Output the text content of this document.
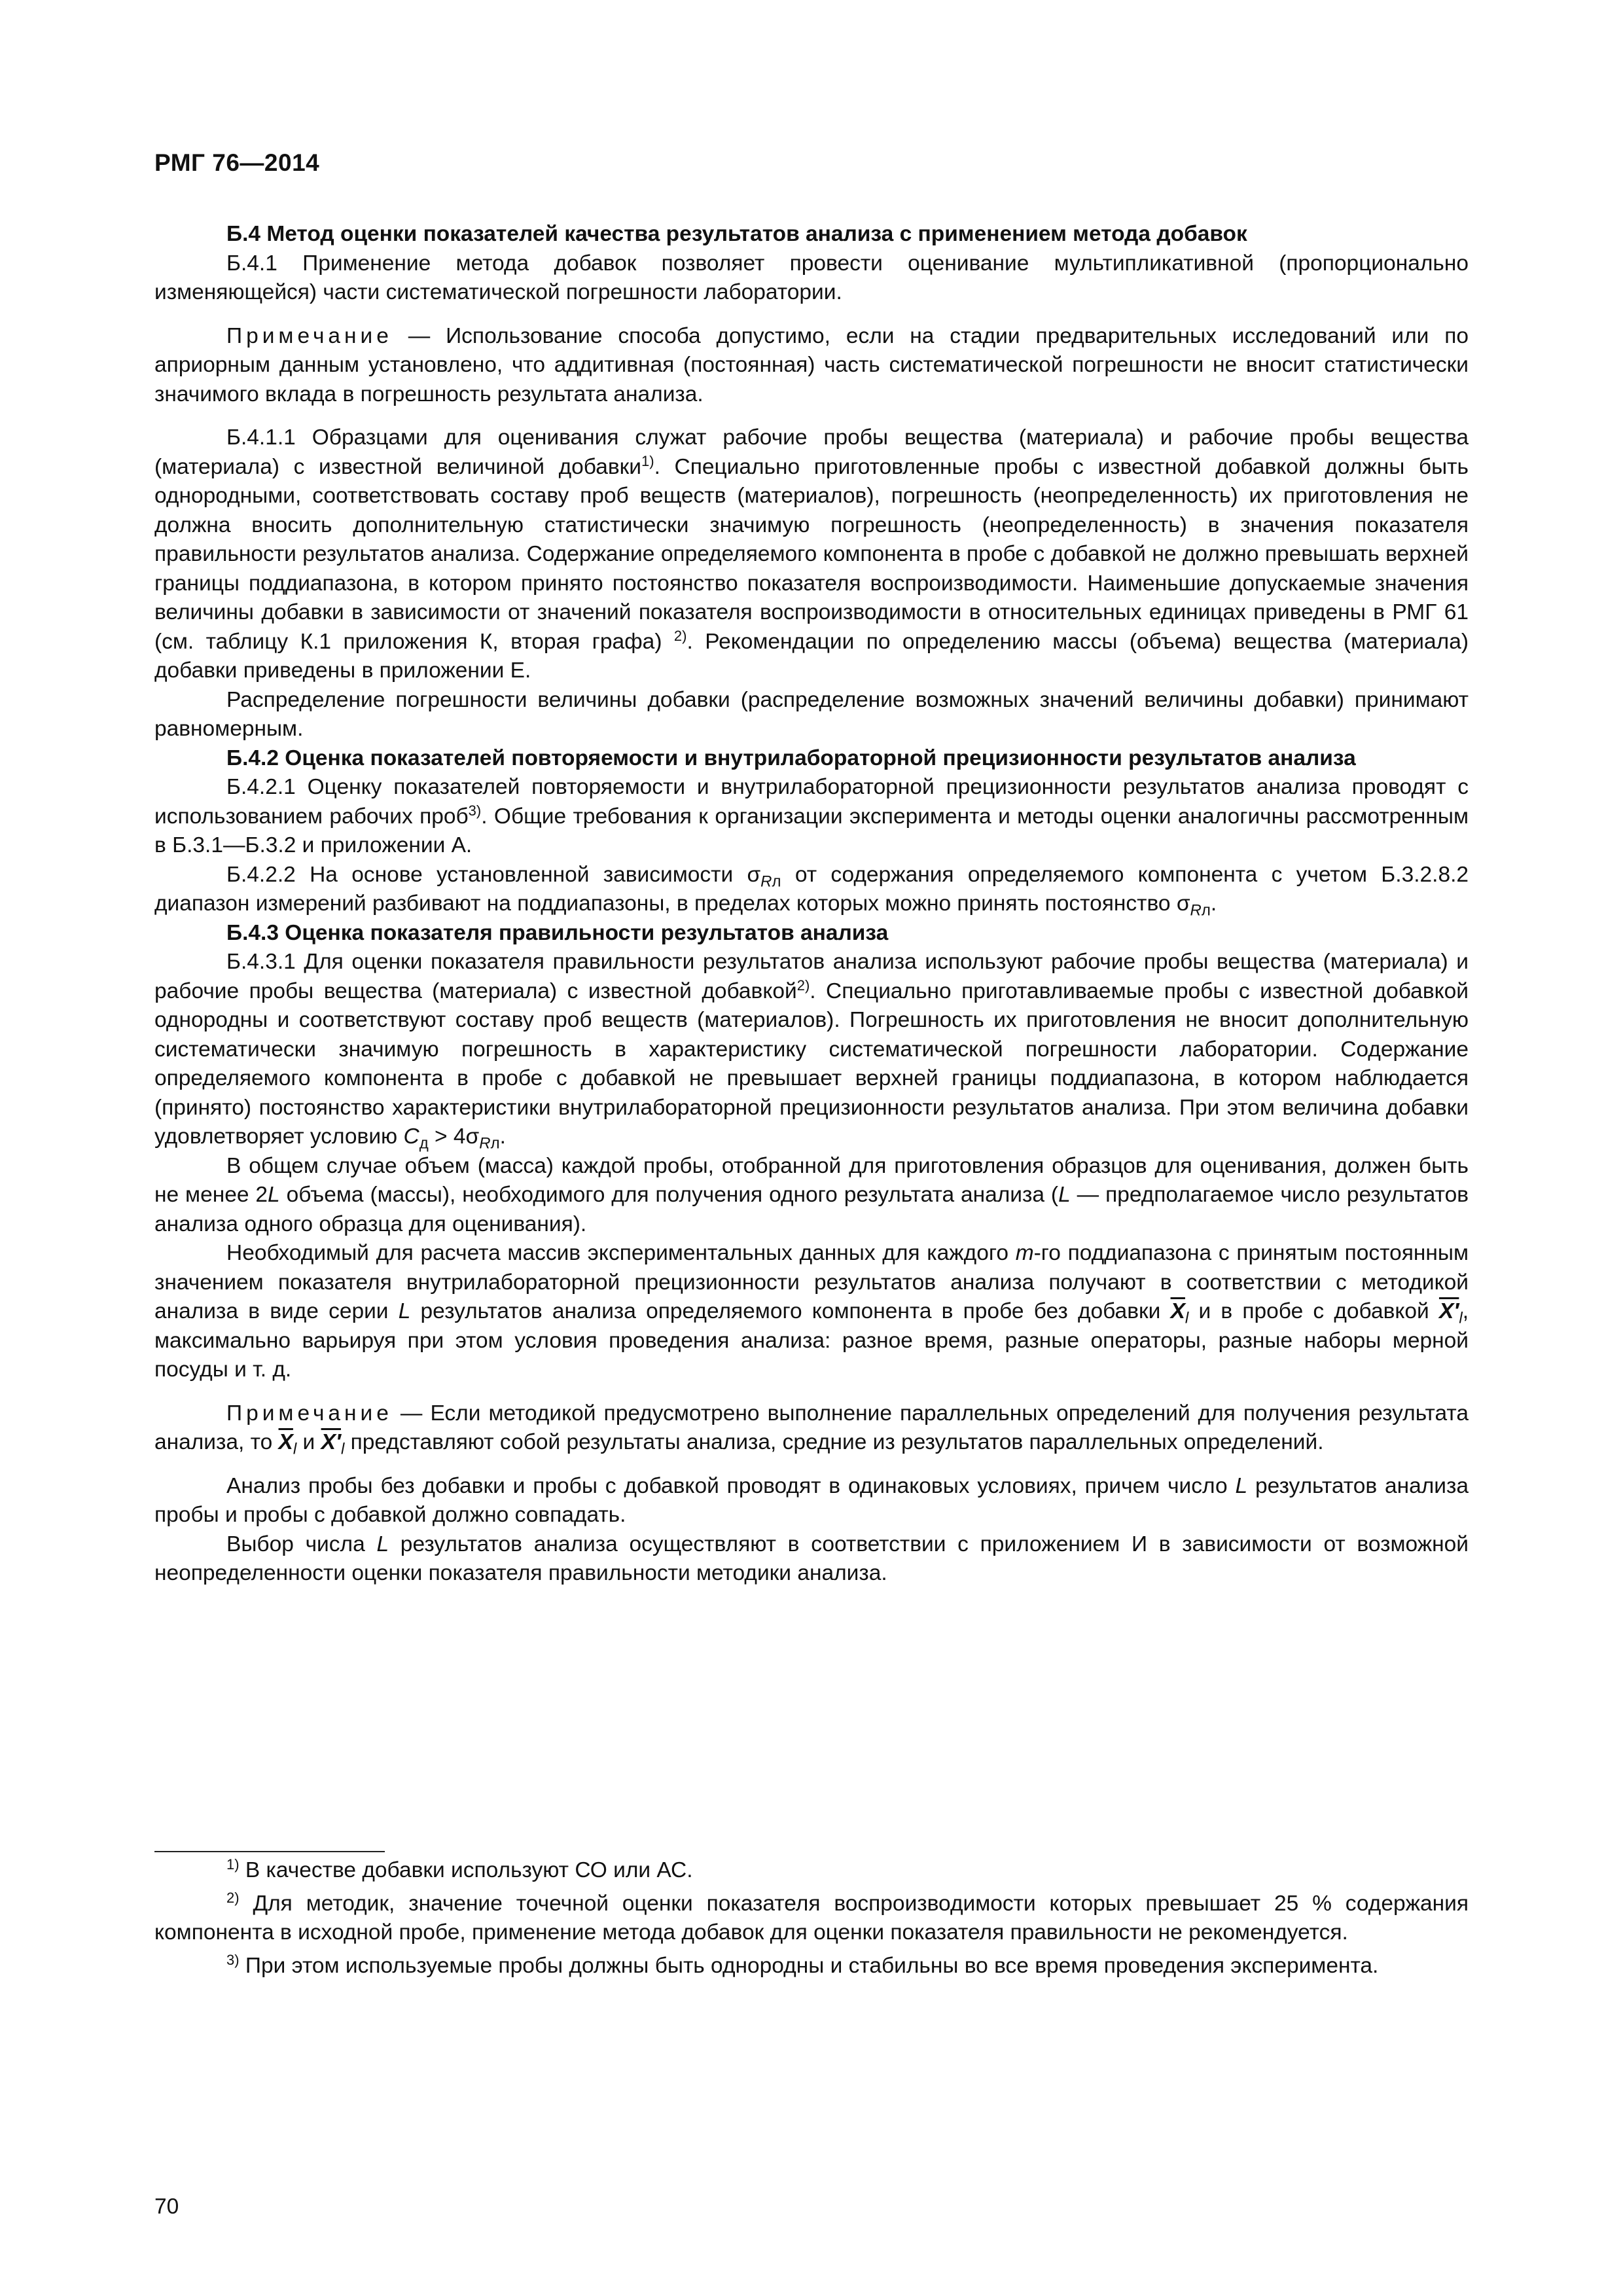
РМГ 76—2014

Б.4 Метод оценки показателей качества результатов анализа с применением метода добавок

Б.4.1 Применение метода добавок позволяет провести оценивание мультипликативной (пропорционально изменяющейся) части систематической погрешности лаборатории.

Примечание — Использование способа допустимо, если на стадии предварительных исследований или по априорным данным установлено, что аддитивная (постоянная) часть систематической погрешности не вносит статистически значимого вклада в погрешность результата анализа.

Б.4.1.1 Образцами для оценивания служат рабочие пробы вещества (материала) и рабочие пробы вещества (материала) с известной величиной добавки$^{1)}$. Специально приготовленные пробы с известной добавкой должны быть однородными, соответствовать составу проб веществ (материалов), погрешность (неопределенность) их приготовления не должна вносить дополнительную статистически значимую погрешность (неопределенность) в значения показателя правильности результатов анализа. Содержание определяемого компонента в пробе с добавкой не должно превышать верхней границы поддиапазона, в котором принято постоянство показателя воспроизводимости. Наименьшие допускаемые значения величины добавки в зависимости от значений показателя воспроизводимости в относительных единицах приведены в РМГ 61 (см. таблицу К.1 приложения К, вторая графа) $^{2)}$. Рекомендации по определению массы (объема) вещества (материала) добавки приведены в приложении Е.

Распределение погрешности величины добавки (распределение возможных значений величины добавки) принимают равномерным.

Б.4.2 Оценка показателей повторяемости и внутрилабораторной прецизионности результатов анализа

Б.4.2.1 Оценку показателей повторяемости и внутрилабораторной прецизионности результатов анализа проводят с использованием рабочих проб$^{3)}$. Общие требования к организации эксперимента и методы оценки аналогичны рассмотренным в Б.3.1—Б.3.2 и приложении А.

Б.4.2.2 На основе установленной зависимости $\sigma_{Rл}$ от содержания определяемого компонента с учетом Б.3.2.8.2 диапазон измерений разбивают на поддиапазоны, в пределах которых можно принять постоянство $\sigma_{Rл}$.

Б.4.3 Оценка показателя правильности результатов анализа

Б.4.3.1 Для оценки показателя правильности результатов анализа используют рабочие пробы вещества (материала) и рабочие пробы вещества (материала) с известной добавкой$^{2)}$. Специально приготавливаемые пробы с известной добавкой однородны и соответствуют составу проб веществ (материалов). Погрешность их приготовления не вносит дополнительную систематически значимую погрешность в характеристику систематической погрешности лаборатории. Содержание определяемого компонента в пробе с добавкой не превышает верхней границы поддиапазона, в котором наблюдается (принято) постоянство характеристики внутрилабораторной прецизионности результатов анализа. При этом величина добавки удовлетворяет условию $C_д > 4\sigma_{Rл}$.

В общем случае объем (масса) каждой пробы, отобранной для приготовления образцов для оценивания, должен быть не менее 2L объема (массы), необходимого для получения одного результата анализа (L — предполагаемое число результатов анализа одного образца для оценивания).

Необходимый для расчета массив экспериментальных данных для каждого m-го поддиапазона с принятым постоянным значением показателя внутрилабораторной прецизионности результатов анализа получают в соответствии с методикой анализа в виде серии L результатов анализа определяемого компонента в пробе без добавки $\overline{X}_l$ и в пробе с добавкой $X'_l$, максимально варьируя при этом условия проведения анализа: разное время, разные операторы, разные наборы мерной посуды и т. д.

Примечание — Если методикой предусмотрено выполнение параллельных определений для получения результата анализа, то $\overline{X}_l$ и $X'_l$ представляют собой результаты анализа, средние из результатов параллельных определений.

Анализ пробы без добавки и пробы с добавкой проводят в одинаковых условиях, причем число L результатов анализа пробы и пробы с добавкой должно совпадать.

Выбор числа L результатов анализа осуществляют в соответствии с приложением И в зависимости от возможной неопределенности оценки показателя правильности методики анализа.

$^{1)}$ В качестве добавки используют СО или АС.

$^{2)}$ Для методик, значение точечной оценки показателя воспроизводимости которых превышает 25 % содержания компонента в исходной пробе, применение метода добавок для оценки показателя правильности не рекомендуется.

$^{3)}$ При этом используемые пробы должны быть однородны и стабильны во все время проведения эксперимента.

70
